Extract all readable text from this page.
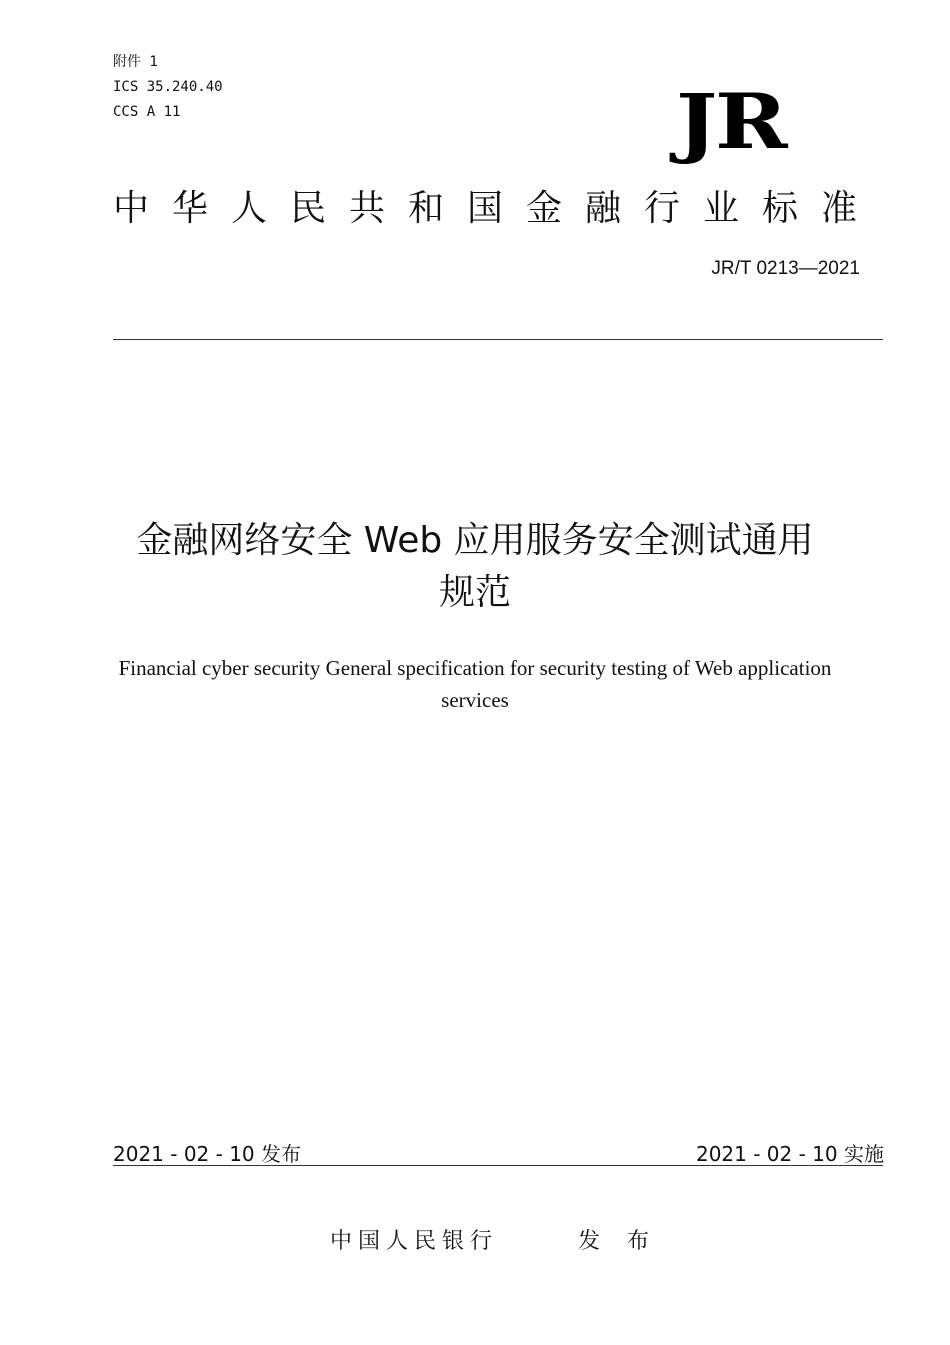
附件 1
ICS 35.240.40
CCS A 11	JR
中华人民共和国金融行业标准
JR/T 0213—2021
金融网络安全 Web 应用服务安全测试通用
规范
Financial cyber security General specification for security testing of Web application
services
2021 - 02 - 10 发布	2021 - 02 - 10 实施
中国人民银行	发 布
